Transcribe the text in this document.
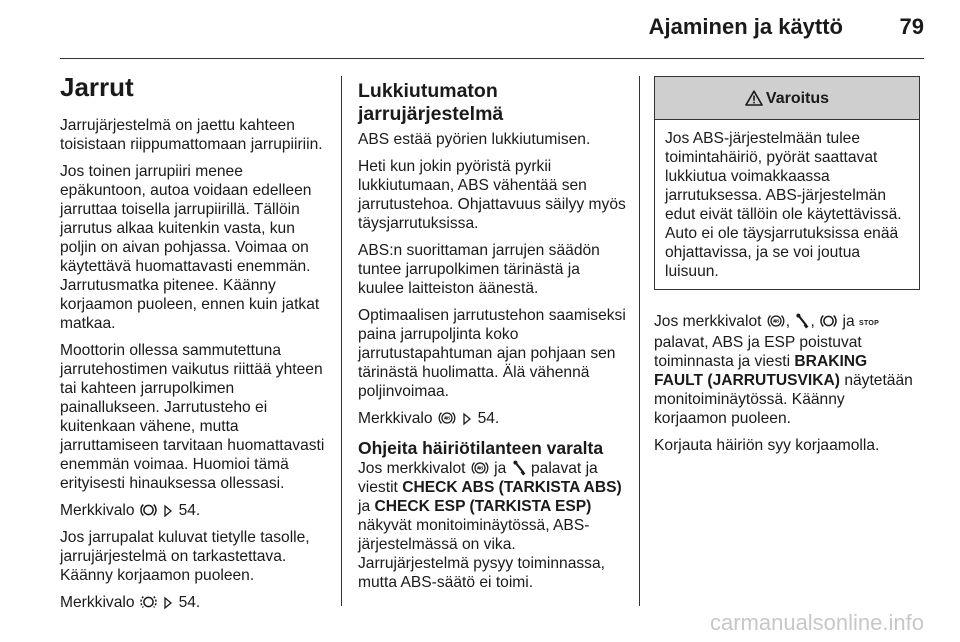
Ajaminen ja käyttö	79
Jarrut

Jarrujärjestelmä on jaettu kahteen toisistaan riippumattomaan jarrupiiriin.

Jos toinen jarrupiiri menee epäkuntoon, autoa voidaan edelleen jarruttaa toisella jarrupiirillä. Tällöin jarrutus alkaa kuitenkin vasta, kun poljin on aivan pohjassa. Voimaa on käytettävä huomattavasti enemmän. Jarrutusmatka pitenee. Käänny korjaamon puoleen, ennen kuin jatkat matkaa.

Moottorin ollessa sammutettuna jarrutehostimen vaikutus riittää yhteen tai kahteen jarrupolkimen painallukseen. Jarrutusteho ei kuitenkaan vähene, mutta jarruttamiseen tarvitaan huomattavasti enemmän voimaa. Huomioi tämä erityisesti hinauksessa ollessasi.

Merkkivalo	54.

Jos jarrupalat kuluvat tietylle tasolle, jarrujärjestelmä on tarkastettava. Käänny korjaamon puoleen.

Merkkivalo	54.

Lukkiutumaton
jarrujärjestelmä

ABS estää pyörien lukkiutumisen.

Heti kun jokin pyöristä pyrkii lukkiutumaan, ABS vähentää sen jarrutustehoa. Ohjattavuus säilyy myös täysjarrutuksissa.

ABS:n suorittaman jarrujen säädön tuntee jarrupolkimen tärinästä ja kuulee laitteiston äänestä.

Optimaalisen jarrutustehon saamiseksi paina jarrupoljinta koko jarrutustapahtuman ajan pohjaan sen tärinästä huolimatta. Älä vähennä poljinvoimaa.

Merkkivalo	54.

Ohjeita häiriötilanteen varalta

Jos merkkivalot ja palavat ja viestit CHECK ABS (TARKISTA ABS) ja CHECK ESP (TARKISTA ESP) näkyvät monitoiminäytössä, ABS-järjestelmässä on vika. Jarrujärjestelmä pysyy toiminnassa, mutta ABS-säätö ei toimi.

Varoitus
Jos ABS-järjestelmään tulee toimintahäiriö, pyörät saattavat lukkiutua voimakkaassa jarrutuksessa. ABS-järjestelmän edut eivät tällöin ole käytettävissä. Auto ei ole täysjarrutuksissa enää ohjattavissa, ja se voi joutua luisuun.

Jos merkkivalot , ,  ja STOP palavat, ABS ja ESP poistuvat toiminnasta ja viesti BRAKING FAULT (JARRUTUSVIKA) näytetään monitoiminäytössä. Käänny korjaamon puoleen.

Korjauta häiriön syy korjaamolla.

carmanualsonline.info
